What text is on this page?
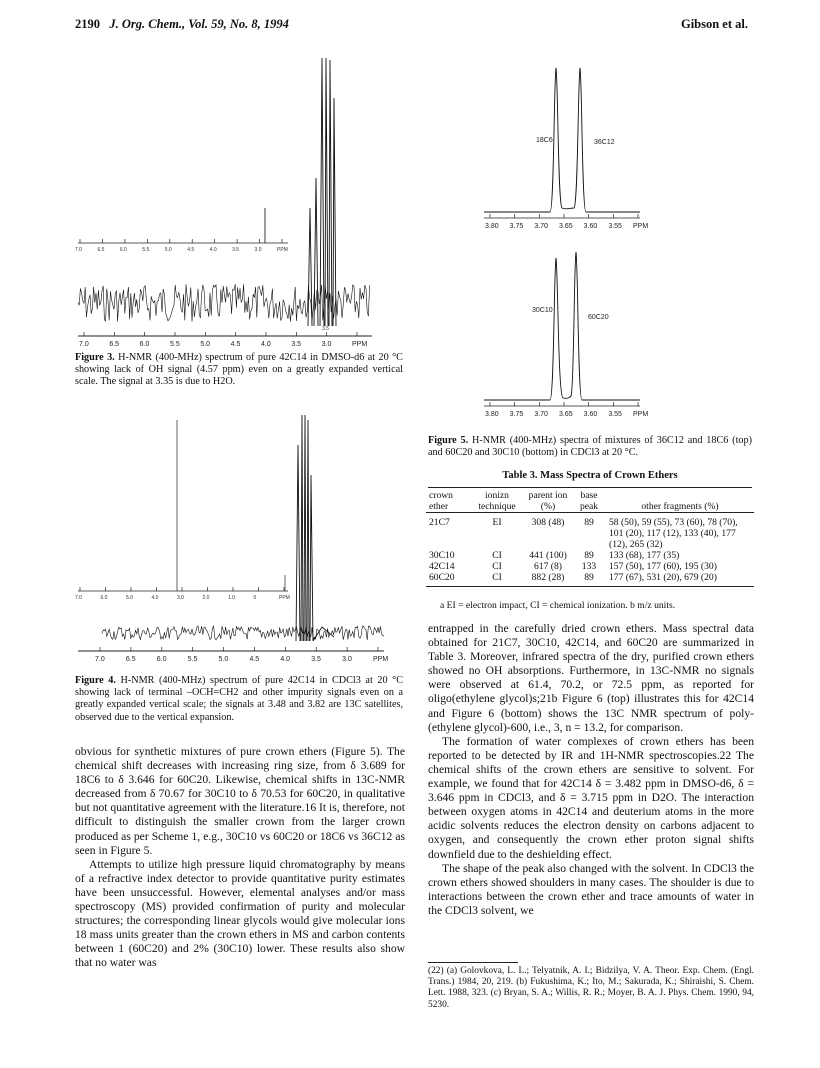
2190 J. Org. Chem., Vol. 59, No. 8, 1994	Gibson et al.
7.0	6.5	6.0	5.5	5.0	4.5	4.0	3.5	3.0	PPM
7.0	6.5	6.0	5.5	5.0	4.5	4.0	3.5	3.0	PPM
3.5
Figure 3. H-NMR (400-MHz) spectrum of pure 42C14 in DMSO-d6 at 20 °C showing lack of OH signal (4.57 ppm) even on a greatly expanded vertical scale. The signal at 3.35 is due to H2O.
7.0	6.0	5.0	4.0	3.0	2.0	1.0	0	PPM
7.0	6.5	6.0	5.5	5.0	4.5	4.0	3.5	3.0	PPM
Figure 4. H-NMR (400-MHz) spectrum of pure 42C14 in CDCl3 at 20 °C showing lack of terminal –OCH=CH2 and other impurity signals even on a greatly expanded vertical scale; the signals at 3.48 and 3.82 are 13C satellites, observed due to the vertical expansion.

obvious for synthetic mixtures of pure crown ethers (Figure 5). The chemical shift decreases with increasing ring size, from δ 3.689 for 18C6 to δ 3.646 for 60C20. Likewise, chemical shifts in 13C-NMR decreased from δ 70.67 for 30C10 to δ 70.53 for 60C20, in qualitative but not quantitative agreement with the literature.16 It is, therefore, not difficult to distinguish the smaller crown from the larger crown produced as per Scheme 1, e.g., 30C10 vs 60C20 or 18C6 vs 36C12 as seen in Figure 5.

Attempts to utilize high pressure liquid chromatography by means of a refractive index detector to provide quantitative purity estimates have been unsuccessful. However, elemental analyses and/or mass spectroscopy (MS) provided confirmation of purity and molecular structures; the corresponding linear glycols would give molecular ions 18 mass units greater than the crown ethers in MS and carbon contents between 1 (60C20) and 2% (30C10) lower. These results also show that no water was

3.80 3.75 3.70 3.65 3.60 3.55 PPM
18C6	36C12
3.80 3.75 3.70 3.65 3.60 3.55 PPM
30C10
60C20
Figure 5. H-NMR (400-MHz) spectra of mixtures of 36C12 and 18C6 (top) and 60C20 and 30C10 (bottom) in CDCl3 at 20 °C.
Table 3. Mass Spectra of Crown Ethers
crown ether	ionizn technique	parent ion (%)	base peak	other fragments (%)

21C7	EI	308 (48)	89	58 (50), 59 (55), 73 (60), 78 (70), 101 (20), 117 (12), 133 (40), 177 (12), 265 (32)
30C10	CI	441 (100)	89	133 (68), 177 (35)
42C14	CI	617 (8)	133	157 (50), 177 (60), 195 (30)
60C20	CI	882 (28)	89	177 (67), 531 (20), 679 (20)

a EI = electron impact, CI = chemical ionization. b m/z units.

entrapped in the carefully dried crown ethers. Mass spectral data obtained for 21C7, 30C10, 42C14, and 60C20 are summarized in Table 3. Moreover, infrared spectra of the dry, purified crown ethers showed no OH absorptions. Furthermore, in 13C-NMR no signals were observed at 61.4, 70.2, or 72.5 ppm, as reported for oligo(ethylene glycol)s;21b Figure 6 (top) illustrates this for 42C14 and Figure 6 (bottom) shows the 13C NMR spectrum of poly-(ethylene glycol)-600, i.e., 3, n = 13.2, for comparison.

The formation of water complexes of crown ethers has been reported to be detected by IR and 1H-NMR spectroscopies.22 The chemical shifts of the crown ethers are sensitive to solvent. For example, we found that for 42C14 δ = 3.482 ppm in DMSO-d6, δ = 3.646 ppm in CDCl3, and δ = 3.715 ppm in D2O. The interaction between oxygen atoms in 42C14 and deuterium atoms in the more acidic solvents reduces the electron density on carbons adjacent to oxygen, and consequently the crown ether proton signal shifts downfield due to the deshielding effect.

The shape of the peak also changed with the solvent. In CDCl3 the crown ethers showed shoulders in many cases. The shoulder is due to interactions between the crown ether and trace amounts of water in the CDCl3 solvent, we

(22) (a) Golovkova, L. L.; Telyatnik, A. I.; Bidzilya, V. A. Theor. Exp. Chem. (Engl. Trans.) 1984, 20, 219. (b) Fukushima, K.; Ito, M.; Sakurada, K.; Shiraishi, S. Chem. Lett. 1988, 323. (c) Bryan, S. A.; Willis, R. R.; Moyer, B. A. J. Phys. Chem. 1990, 94, 5230.
